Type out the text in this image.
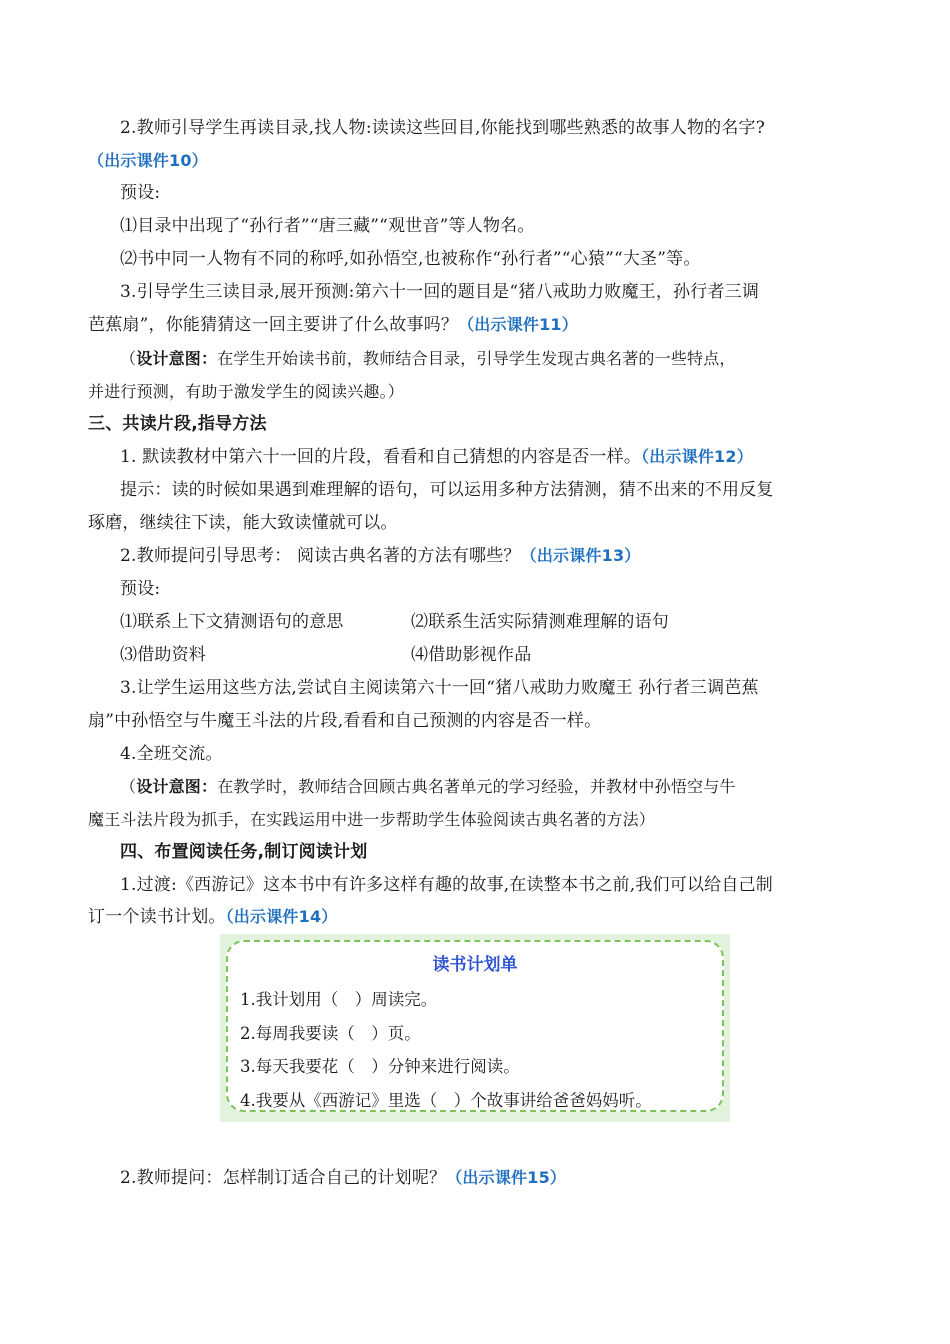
2.教师引导学生再读目录,找人物:读读这些回目,你能找到哪些熟悉的故事人物的名字?
（出示课件10）
预设:
⑴目录中出现了“孙行者”“唐三藏”“观世音”等人物名。
⑵书中同一人物有不同的称呼,如孙悟空,也被称作“孙行者”“心猿”“大圣”等。
3.引导学生三读目录,展开预测:第六十一回的题目是“猪八戒助力败魔王，孙行者三调
芭蕉扇”，你能猜猜这一回主要讲了什么故事吗？（出示课件11）
（设计意图：在学生开始读书前，教师结合目录，引导学生发现古典名著的一些特点，
并进行预测，有助于激发学生的阅读兴趣。）
三、共读片段,指导方法
1. 默读教材中第六十一回的片段，看看和自己猜想的内容是否一样。（出示课件12）
提示：读的时候如果遇到难理解的语句，可以运用多种方法猜测，猜不出来的不用反复
琢磨，继续往下读，能大致读懂就可以。
2.教师提问引导思考： 阅读古典名著的方法有哪些？（出示课件13）
预设:
⑴联系上下文猜测语句的意思	⑵联系生活实际猜测难理解的语句
⑶借助资料	⑷借助影视作品
3.让学生运用这些方法,尝试自主阅读第六十一回“猪八戒助力败魔王 孙行者三调芭蕉
扇”中孙悟空与牛魔王斗法的片段,看看和自己预测的内容是否一样。
4.全班交流。
（设计意图：在教学时，教师结合回顾古典名著单元的学习经验，并教材中孙悟空与牛
魔王斗法片段为抓手，在实践运用中进一步帮助学生体验阅读古典名著的方法）
四、布置阅读任务,制订阅读计划
1.过渡:《西游记》这本书中有许多这样有趣的故事,在读整本书之前,我们可以给自己制
订一个读书计划。（出示课件14）
读书计划单
1.我计划用（　）周读完。
2.每周我要读（　）页。
3.每天我要花（　）分钟来进行阅读。
4.我要从《西游记》里选（　）个故事讲给爸爸妈妈听。
2.教师提问：怎样制订适合自己的计划呢？（出示课件15）
